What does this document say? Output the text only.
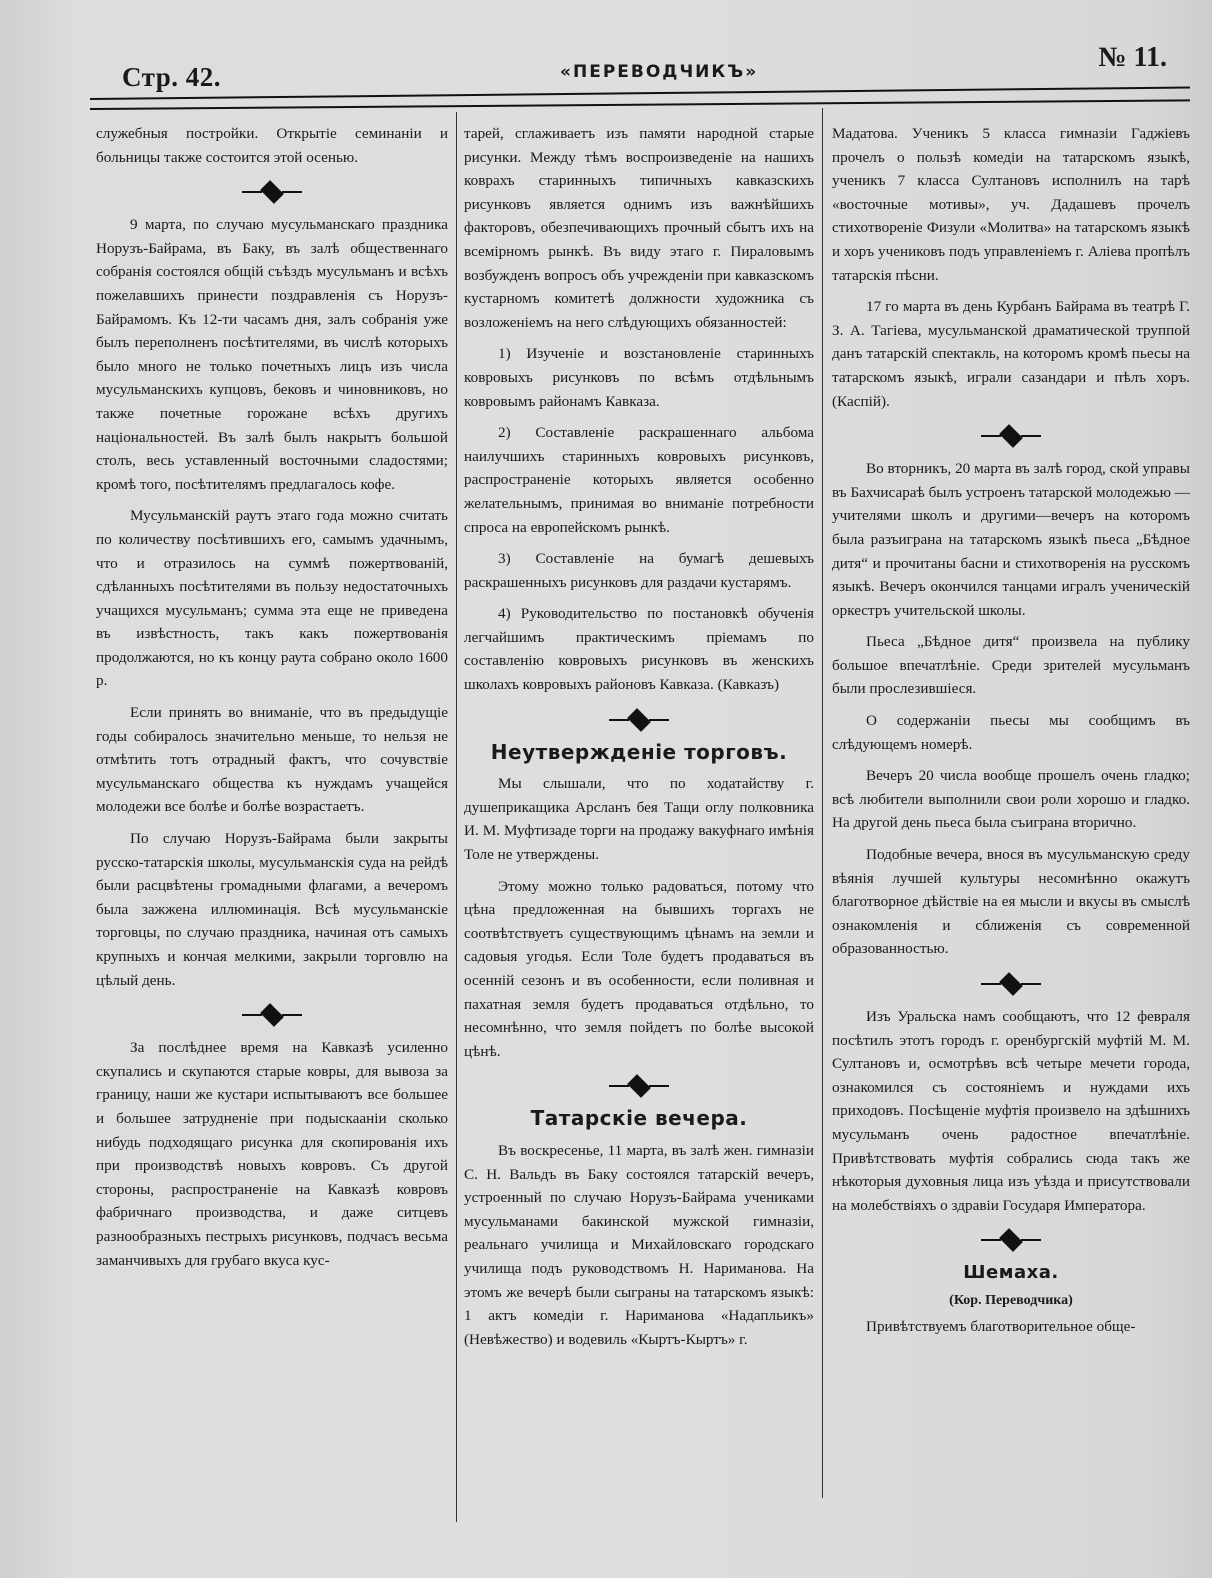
Стр. 42.	«ПЕРЕВОДЧИКЪ»	№ 11.

служебныя постройки. Открытіе семинаніи и больницы также состоится этой осенью.

9 марта, по случаю мусульманскаго праздника Норузъ-Байрама, въ Баку, въ залѣ общественнаго собранія состоялся общій съѣздъ мусульманъ и всѣхъ пожелавшихъ принести поздравленія съ Норузъ-Байрамомъ. Къ 12-ти часамъ дня, залъ собранія уже былъ переполненъ посѣтителями, въ числѣ которыхъ было много не только почетныхъ лицъ изъ числа мусульманскихъ купцовъ, бековъ и чиновниковъ, но также почетные горожане всѣхъ другихъ національностей. Въ залѣ былъ накрытъ большой столъ, весь уставленный восточными сладостями; кромѣ того, посѣтителямъ предлагалось кофе.

Мусульманскій раутъ этаго года можно считать по количеству посѣтившихъ его, самымъ удачнымъ, что и отразилось на суммѣ пожертвованій, сдѣланныхъ посѣтителями въ пользу недостаточныхъ учащихся мусульманъ; сумма эта еще не приведена въ извѣстность, такъ какъ пожертвованія продолжаются, но къ концу раута собрано около 1600 р.

Если принять во вниманіе, что въ предыдущіе годы собиралось значительно меньше, то нельзя не отмѣтить тотъ отрадный фактъ, что сочувствіе мусульманскаго общества къ нуждамъ учащейся молодежи все болѣе и болѣе возрастаетъ.

По случаю Норузъ-Байрама были закрыты русско-татарскія школы, мусульманскія суда на рейдѣ были расцвѣтены громадными флагами, а вечеромъ была зажжена иллюминація. Всѣ мусульманскіе торговцы, по случаю праздника, начиная отъ самыхъ крупныхъ и кончая мелкими, закрыли торговлю на цѣлый день.

За послѣднее время на Кавказѣ усиленно скупались и скупаются старые ковры, для вывоза за границу, наши же кустари испытываютъ все большее и большее затрудненіе при подыскааніи сколько нибудь подходящаго рисунка для скопированія ихъ при производствѣ новыхъ ковровъ. Съ другой стороны, распространеніе на Кавказѣ ковровъ фабричнаго производства, и даже ситцевъ разнообразныхъ пестрыхъ рисунковъ, подчасъ весьма заманчивыхъ для грубаго вкуса кус-

тарей, сглаживаетъ изъ памяти народной старые рисунки. Между тѣмъ воспроизведеніе на нашихъ коврахъ старинныхъ типичныхъ кавказскихъ рисунковъ является однимъ изъ важнѣйшихъ факторовъ, обезпечивающихъ прочный сбытъ ихъ на всемірномъ рынкѣ. Въ виду этаго г. Пираловымъ возбужденъ вопросъ объ учрежденіи при кавказскомъ кустарномъ комитетѣ должности художника съ возложеніемъ на него слѣдующихъ обязанностей:

1) Изученіе и возстановленіе старинныхъ ковровыхъ рисунковъ по всѣмъ отдѣльнымъ ковровымъ районамъ Кавказа.

2) Составленіе раскрашеннаго альбома наилучшихъ старинныхъ ковровыхъ рисунковъ, распространеніе которыхъ является особенно желательнымъ, принимая во вниманіе потребности спроса на европейскомъ рынкѣ.

3) Составленіе на бумагѣ дешевыхъ раскрашенныхъ рисунковъ для раздачи кустарямъ.

4) Руководительство по постановкѣ обученія легчайшимъ практическимъ пріемамъ по составленію ковровыхъ рисунковъ въ женскихъ школахъ ковровыхъ районовъ Кавказа. (Кавказъ)

Неутвержденіе торговъ.

Мы слышали, что по ходатайству г. душеприкащика Арсланъ бея Тащи оглу полковника И. М. Муфтизаде торги на продажу вакуфнаго имѣнія Толе не утверждены.

Этому можно только радоваться, потому что цѣна предложенная на бывшихъ торгахъ не соотвѣтствуетъ существующимъ цѣнамъ на земли и садовыя угодья. Если Толе будетъ продаваться въ осенній сезонъ и въ особенности, если поливная и пахатная земля будетъ продаваться отдѣльно, то несомнѣнно, что земля пойдетъ по болѣе высокой цѣнѣ.

Татарскіе вечера.

Въ воскресенье, 11 марта, въ залѣ жен. гимназіи С. Н. Вальдъ въ Баку состоялся татарскій вечеръ, устроенный по случаю Норузъ-Байрама учениками мусульманами бакинской мужской гимназіи, реальнаго училища и Михайловскаго городскаго училища подъ руководствомъ Н. Нариманова. На этомъ же вечерѣ были сыграны на татарскомъ языкѣ: 1 актъ комедіи г. Нариманова «Надапльикъ» (Невѣжество) и водевиль «Кыртъ-Кыртъ» г.

Мадатова. Ученикъ 5 класса гимназіи Гаджіевъ прочелъ о пользѣ комедіи на татарскомъ языкѣ, ученикъ 7 класса Султановъ исполнилъ на тарѣ «восточные мотивы», уч. Дадашевъ прочелъ стихотвореніе Физули «Молитва» на татарскомъ языкѣ и хоръ учениковъ подъ управленіемъ г. Аліева пропѣлъ татарскія пѣсни.

17 го марта въ день Курбанъ Байрама въ театрѣ Г. З. А. Тагіева, мусульманской драматической труппой данъ татарскій спектакль, на которомъ кромѣ пьесы на татарскомъ языкѣ, играли сазандари и пѣлъ хоръ. (Каспій).

Во вторникъ, 20 марта въ залѣ город, ской управы въ Бахчисараѣ былъ устроенъ татарской молодежью — учителями школъ и другими—вечеръ на которомъ была разъиграна на татарскомъ языкѣ пьеса „Бѣдное дитя“ и прочитаны басни и стихотворенія на русскомъ языкѣ. Вечеръ окончился танцами игралъ ученическій оркестръ учительской школы.

Пьеса „Бѣдное дитя“ произвела на публику большое впечатлѣніе. Среди зрителей мусульманъ были прослезившіеся.

О содержаніи пьесы мы сообщимъ въ слѣдующемъ номерѣ.

Вечеръ 20 числа вообще прошелъ очень гладко; всѣ любители выполнили свои роли хорошо и гладко. На другой день пьеса была съиграна вторично.

Подобные вечера, внося въ мусульманскую среду вѣянія лучшей культуры несомнѣнно окажутъ благотворное дѣйствіе на ея мысли и вкусы въ смыслѣ ознакомленія и сближенія съ современной образованностью.

Изъ Уральска намъ сообщаютъ, что 12 февраля посѣтилъ этотъ городъ г. оренбургскій муфтій М. М. Султановъ и, осмотрѣвъ всѣ четыре мечети города, ознакомился съ состояніемъ и нуждами ихъ приходовъ. Посѣщеніе муфтія произвело на здѣшнихъ мусульманъ очень радостное впечатлѣніе. Привѣтствовать муфтія собрались сюда такъ же нѣкоторыя духовныя лица изъ уѣзда и присутствовали на молебствіяхъ о здравіи Государя Императора.

Шемаха.
(Кор. Переводчика)

Привѣтствуемъ благотворительное обще-
